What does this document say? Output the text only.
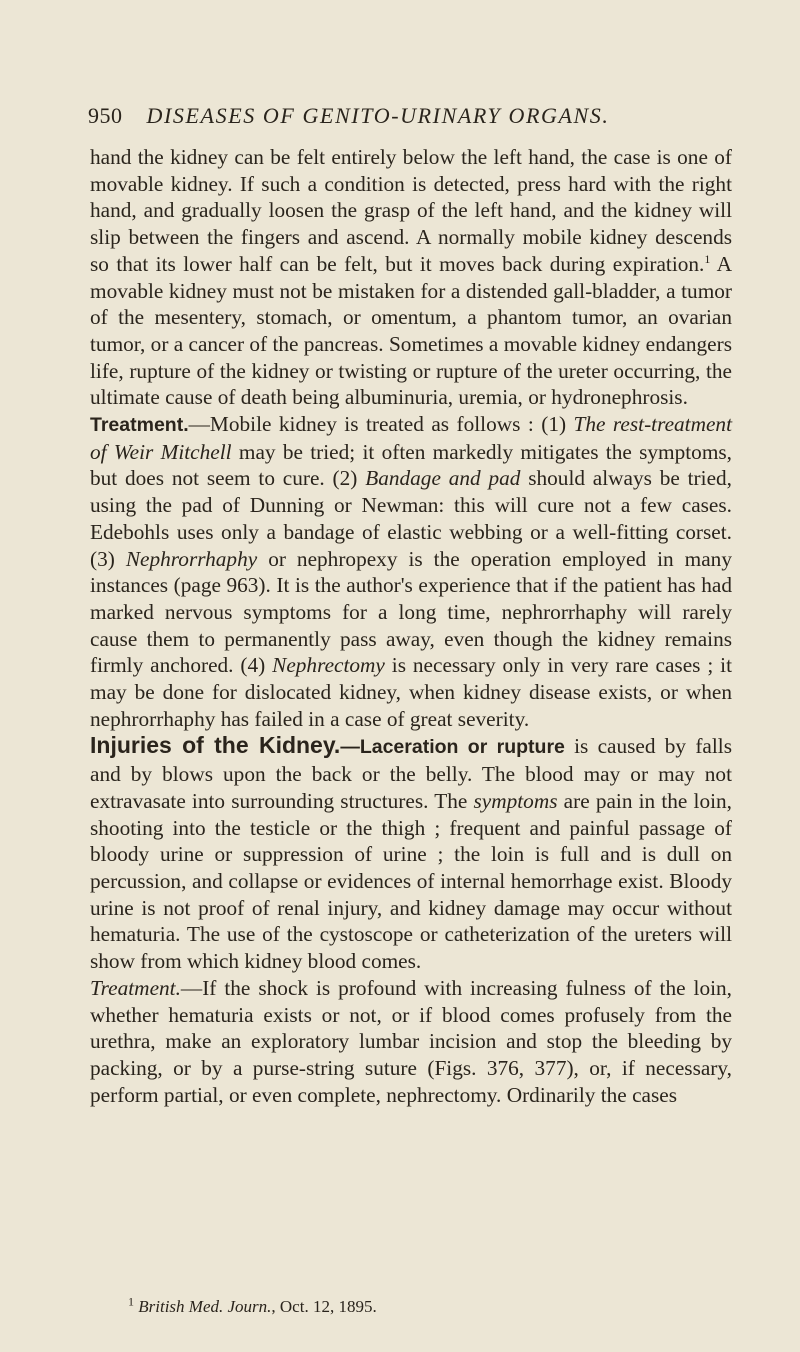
950 DISEASES OF GENITO-URINARY ORGANS.

hand the kidney can be felt entirely below the left hand, the case is one of movable kidney. If such a condition is detected, press hard with the right hand, and gradually loosen the grasp of the left hand, and the kidney will slip between the fingers and ascend. A normally mobile kidney descends so that its lower half can be felt, but it moves back during expiration.$^1$ A movable kidney must not be mistaken for a distended gall-bladder, a tumor of the mesentery, stomach, or omentum, a phantom tumor, an ovarian tumor, or a cancer of the pancreas. Sometimes a movable kidney endangers life, rupture of the kidney or twisting or rupture of the ureter occurring, the ultimate cause of death being albuminuria, uremia, or hydronephrosis.

Treatment.—Mobile kidney is treated as follows : (1) The rest-treatment of Weir Mitchell may be tried; it often markedly mitigates the symptoms, but does not seem to cure. (2) Bandage and pad should always be tried, using the pad of Dunning or Newman: this will cure not a few cases. Edebohls uses only a bandage of elastic webbing or a well-fitting corset. (3) Nephrorrhaphy or nephropexy is the operation employed in many instances (page 963). It is the author's experience that if the patient has had marked nervous symptoms for a long time, nephrorrhaphy will rarely cause them to permanently pass away, even though the kidney remains firmly anchored. (4) Nephrectomy is necessary only in very rare cases ; it may be done for dislocated kidney, when kidney disease exists, or when nephrorrhaphy has failed in a case of great severity.

Injuries of the Kidney.—Laceration or rupture is caused by falls and by blows upon the back or the belly. The blood may or may not extravasate into surrounding structures. The symptoms are pain in the loin, shooting into the testicle or the thigh ; frequent and painful passage of bloody urine or suppression of urine ; the loin is full and is dull on percussion, and collapse or evidences of internal hemorrhage exist. Bloody urine is not proof of renal injury, and kidney damage may occur without hematuria. The use of the cystoscope or catheterization of the ureters will show from which kidney blood comes.

Treatment.—If the shock is profound with increasing fulness of the loin, whether hematuria exists or not, or if blood comes profusely from the urethra, make an exploratory lumbar incision and stop the bleeding by packing, or by a purse-string suture (Figs. 376, 377), or, if necessary, perform partial, or even complete, nephrectomy. Ordinarily the cases

$^1$ British Med. Journ., Oct. 12, 1895.
